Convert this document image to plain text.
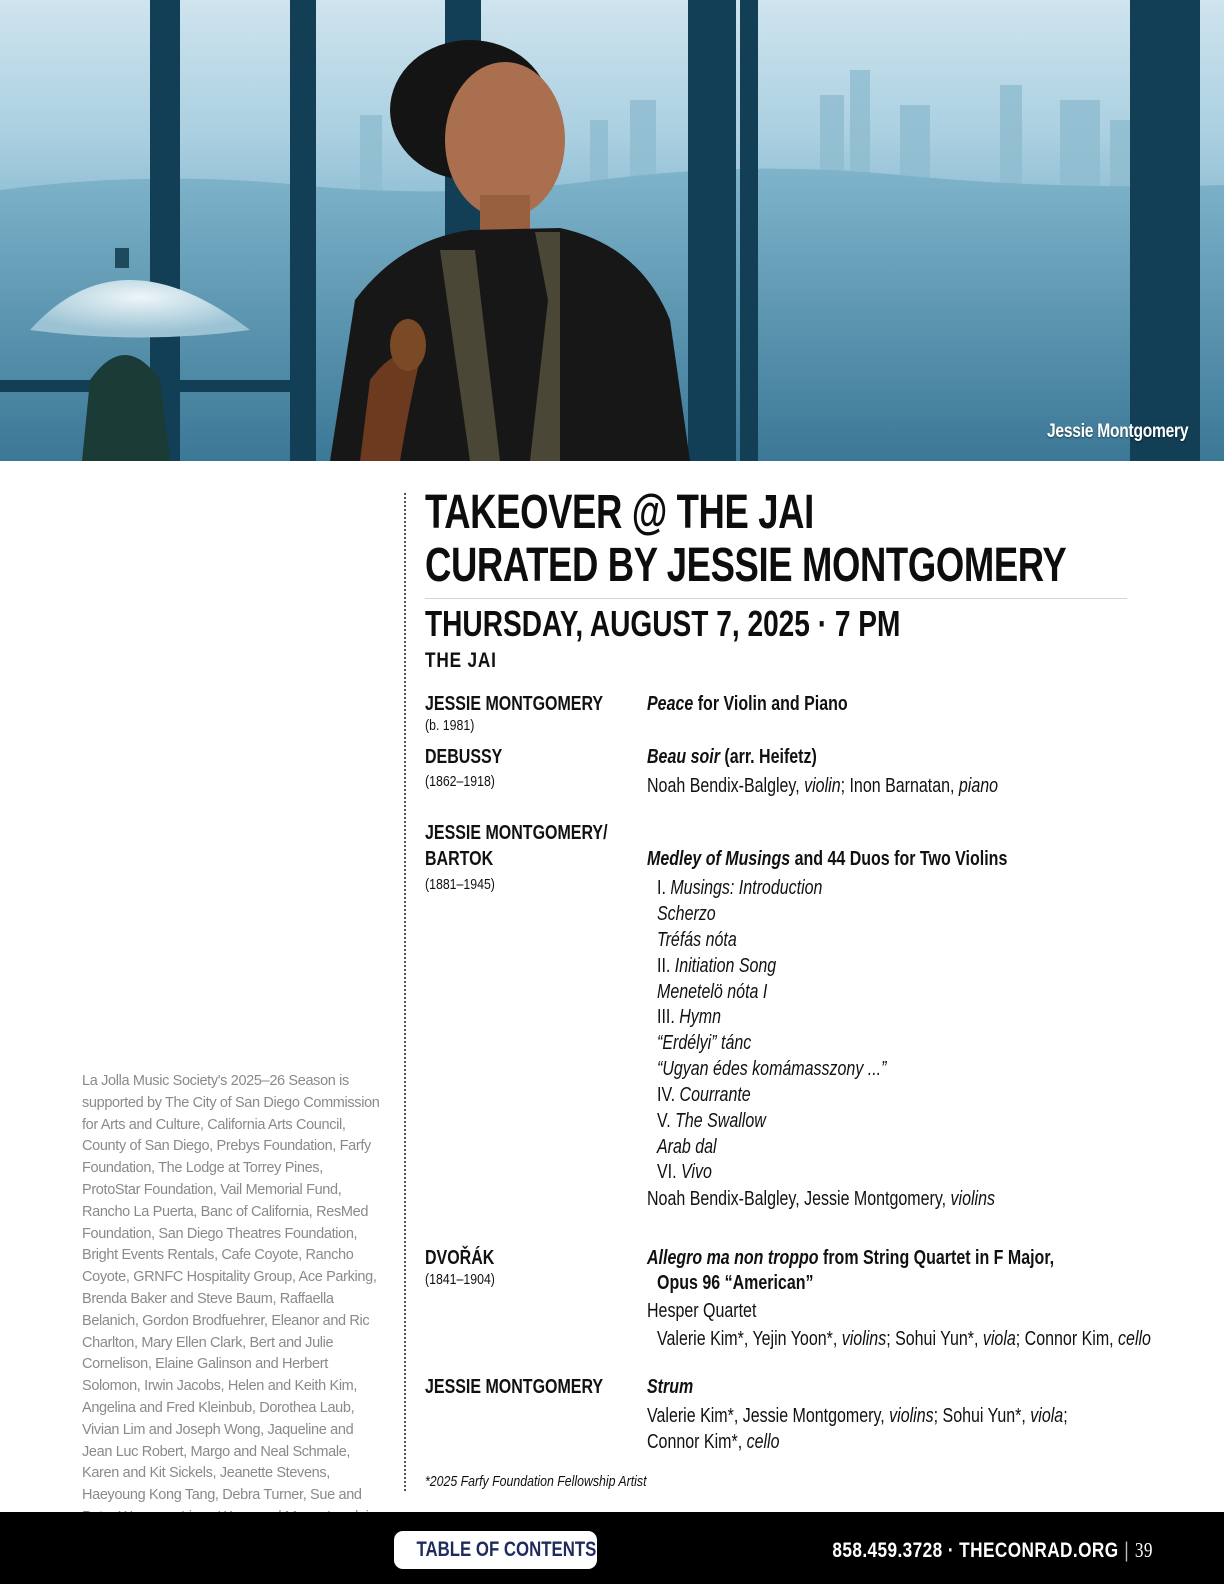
Jessie Montgomery
La Jolla Music Society's 2025–26 Season is supported by The City of San Diego Commission for Arts and Culture, California Arts Council, County of San Diego, Prebys Foundation, Farfy Foundation, The Lodge at Torrey Pines, ProtoStar Foundation, Vail Memorial Fund, Rancho La Puerta, Banc of California, ResMed Foundation, San Diego Theatres Foundation, Bright Events Rentals, Cafe Coyote, Rancho Coyote, GRNFC Hospitality Group, Ace Parking, Brenda Baker and Steve Baum, Raffaella Belanich, Gordon Brodfuehrer, Eleanor and Ric Charlton, Mary Ellen Clark, Bert and Julie Cornelison, Elaine Galinson and Herbert Solomon, Irwin Jacobs, Helen and Keith Kim, Angelina and Fred Kleinbub, Dorothea Laub, Vivian Lim and Joseph Wong, Jaqueline and Jean Luc Robert, Margo and Neal Schmale, Karen and Kit Sickels, Jeanette Stevens, Haeyoung Kong Tang, Debra Turner, Sue and
TAKEOVER @ THE JAI
CURATED BY JESSIE MONTGOMERY
THURSDAY, AUGUST 7, 2025 · 7 PM
THE JAI
JESSIE MONTGOMERY
(b. 1981)
Peace for Violin and Piano
DEBUSSY
(1862–1918)
Beau soir (arr. Heifetz)
Noah Bendix-Balgley, violin; Inon Barnatan, piano
JESSIE MONTGOMERY/
BARTOK
(1881–1945)
Medley of Musings and 44 Duos for Two Violins
I. Musings: Introduction
Scherzo
Tréfás nóta
II. Initiation Song
Menetelö nóta I
III. Hymn
“Erdélyi” tánc
“Ugyan édes komámasszony ...”
IV. Courrante
V. The Swallow
Arab dal
VI. Vivo
Noah Bendix-Balgley, Jessie Montgomery, violins
DVOŘÁK
(1841–1904)
Allegro ma non troppo from String Quartet in F Major,
Opus 96 “American”
Hesper Quartet
Valerie Kim*, Yejin Yoon*, violins; Sohui Yun*, viola; Connor Kim, cello
JESSIE MONTGOMERY	Strum
Valerie Kim*, Jessie Montgomery, violins; Sohui Yun*, viola;
Connor Kim*, cello
*2025 Farfy Foundation Fellowship Artist
TABLE OF CONTENTS	858.459.3728 · THECONRAD.ORG | 39
